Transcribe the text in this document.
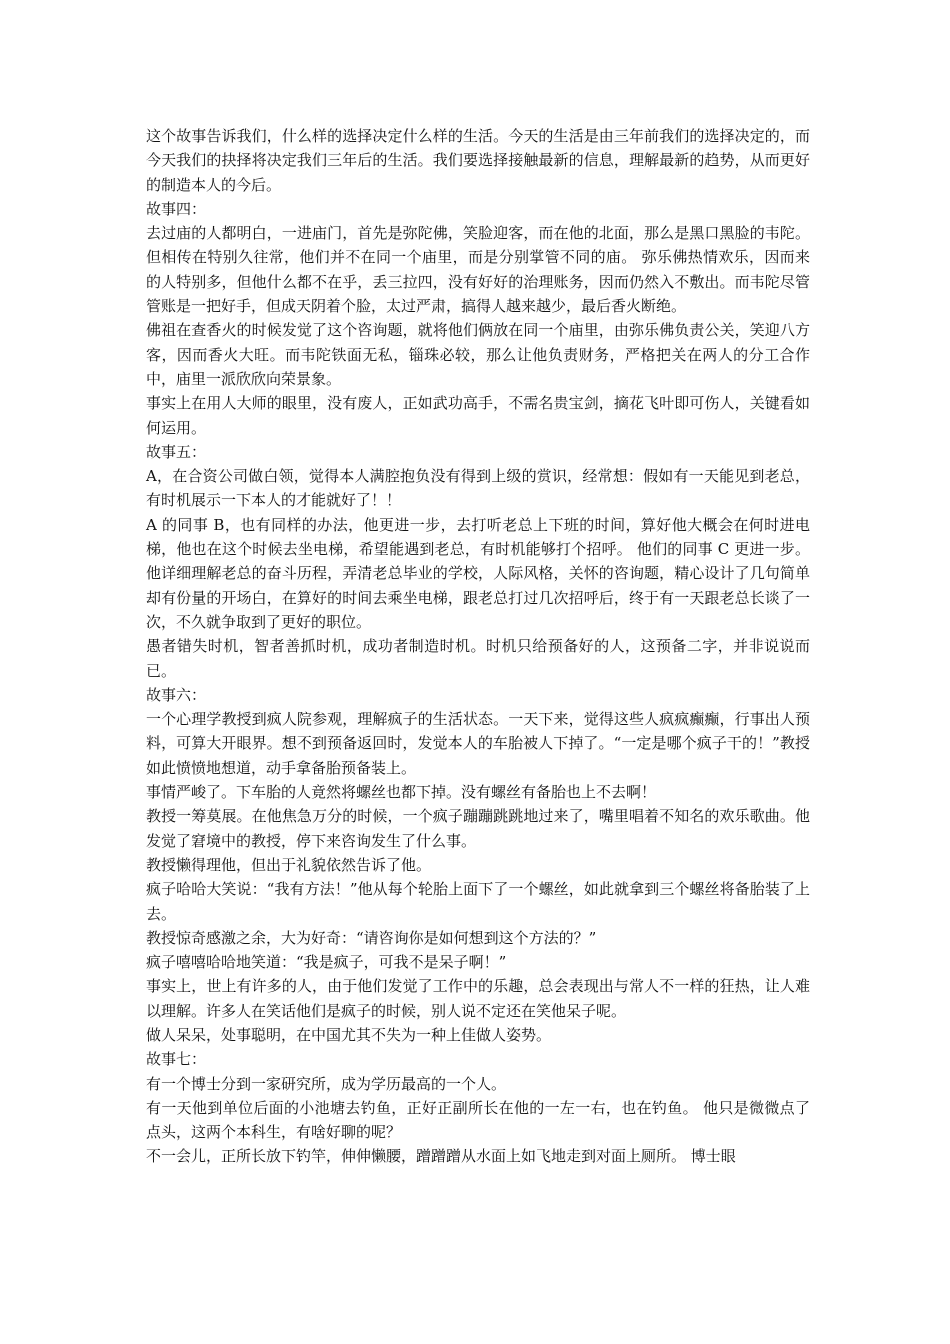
这个故事告诉我们，什么样的选择决定什么样的生活。今天的生活是由三年前我们的选择决定的，而今天我们的抉择将决定我们三年后的生活。我们要选择接触最新的信息，理解最新的趋势，从而更好的制造本人的今后。

故事四：

去过庙的人都明白，一进庙门，首先是弥陀佛，笑脸迎客，而在他的北面，那么是黑口黑脸的韦陀。但相传在特别久往常，他们并不在同一个庙里，而是分别掌管不同的庙。 弥乐佛热情欢乐，因而来的人特别多，但他什么都不在乎，丢三拉四，没有好好的治理账务，因而仍然入不敷出。而韦陀尽管管账是一把好手，但成天阴着个脸，太过严肃，搞得人越来越少，最后香火断绝。

佛祖在查香火的时候发觉了这个咨询题，就将他们俩放在同一个庙里，由弥乐佛负责公关，笑迎八方客，因而香火大旺。而韦陀铁面无私，锱珠必较，那么让他负责财务，严格把关在两人的分工合作中，庙里一派欣欣向荣景象。

事实上在用人大师的眼里，没有废人，正如武功高手，不需名贵宝剑，摘花飞叶即可伤人，关键看如何运用。

故事五：

A，在合资公司做白领，觉得本人满腔抱负没有得到上级的赏识，经常想：假如有一天能见到老总，有时机展示一下本人的才能就好了！！

A 的同事 B，也有同样的办法，他更进一步，去打听老总上下班的时间，算好他大概会在何时进电梯，他也在这个时候去坐电梯，希望能遇到老总，有时机能够打个招呼。 他们的同事 C 更进一步。他详细理解老总的奋斗历程，弄清老总毕业的学校，人际风格，关怀的咨询题，精心设计了几句简单却有份量的开场白，在算好的时间去乘坐电梯，跟老总打过几次招呼后，终于有一天跟老总长谈了一次，不久就争取到了更好的职位。

愚者错失时机，智者善抓时机，成功者制造时机。时机只给预备好的人，这预备二字，并非说说而已。

故事六：

一个心理学教授到疯人院参观，理解疯子的生活状态。一天下来，觉得这些人疯疯癫癫，行事出人预料，可算大开眼界。想不到预备返回时，发觉本人的车胎被人下掉了。“一定是哪个疯子干的！”教授如此愤愤地想道，动手拿备胎预备装上。

事情严峻了。下车胎的人竟然将螺丝也都下掉。没有螺丝有备胎也上不去啊！

教授一筹莫展。在他焦急万分的时候，一个疯子蹦蹦跳跳地过来了，嘴里唱着不知名的欢乐歌曲。他发觉了窘境中的教授，停下来咨询发生了什么事。

教授懒得理他，但出于礼貌依然告诉了他。

疯子哈哈大笑说：“我有方法！”他从每个轮胎上面下了一个螺丝，如此就拿到三个螺丝将备胎装了上去。

教授惊奇感激之余，大为好奇：“请咨询你是如何想到这个方法的？”

疯子嘻嘻哈哈地笑道：“我是疯子，可我不是呆子啊！”

事实上，世上有许多的人，由于他们发觉了工作中的乐趣，总会表现出与常人不一样的狂热，让人难以理解。许多人在笑话他们是疯子的时候，别人说不定还在笑他呆子呢。

做人呆呆，处事聪明，在中国尤其不失为一种上佳做人姿势。

故事七：

有一个博士分到一家研究所，成为学历最高的一个人。

有一天他到单位后面的小池塘去钓鱼，正好正副所长在他的一左一右，也在钓鱼。 他只是微微点了点头，这两个本科生，有啥好聊的呢？

不一会儿，正所长放下钓竿，伸伸懒腰，蹭蹭蹭从水面上如飞地走到对面上厕所。 博士眼
